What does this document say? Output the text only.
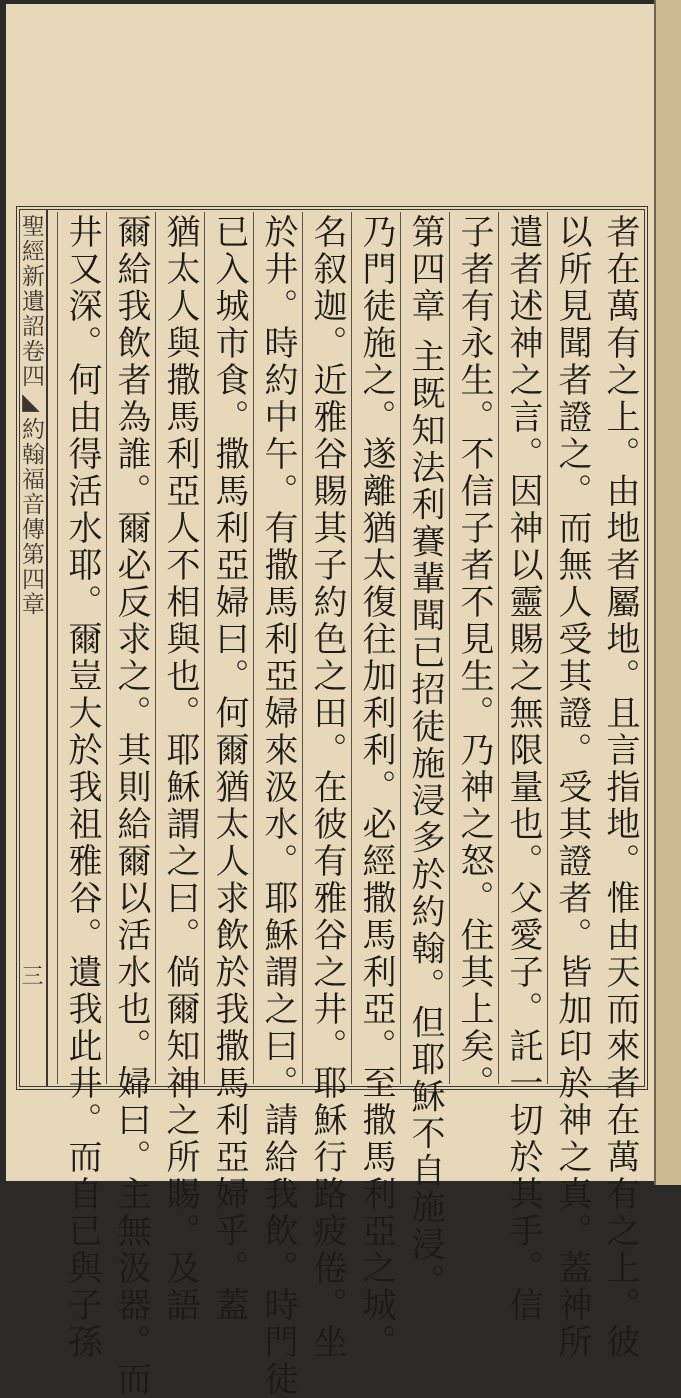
聖經新遺詔卷四◣約翰福音傳第四章
三	者在萬有之上。由地者屬地。且言指地。惟由天而來者在萬有之上。彼
以所見聞者證之。而無人受其證。受其證者。皆加印於神之真。蓋神所
遣者述神之言。因神以靈賜之無限量也。父愛子。託一切於其手。信
子者有永生。不信子者不見生。乃神之怒。住其上矣。
第四章 主既知法利賽輩聞已招徒施浸多於約翰。但耶穌不自施浸。
乃門徒施之。遂離猶太復往加利利。必經撒馬利亞。至撒馬利亞之城。
名叙迦。近雅谷賜其子約色之田。在彼有雅谷之井。耶穌行路疲倦。坐
於井。時約中午。有撒馬利亞婦來汲水。耶穌謂之曰。請給我飲。時門徒
已入城市食。撒馬利亞婦曰。何爾猶太人求飲於我撒馬利亞婦乎。蓋
猶太人與撒馬利亞人不相與也。耶穌謂之曰。倘爾知神之所賜。及語
爾給我飲者為誰。爾必反求之。其則給爾以活水也。婦曰。主無汲器。而
井又深。何由得活水耶。爾豈大於我祖雅谷。遺我此井。而自已與子孫
